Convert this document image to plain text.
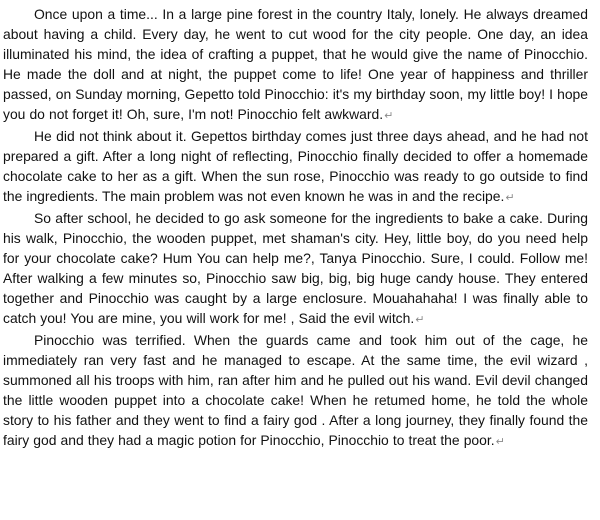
Once upon a time... In a large pine forest in the country Italy, lonely. He always dreamed about having a child. Every day, he went to cut wood for the city people. One day, an idea illuminated his mind, the idea of crafting a puppet, that he would give the name of Pinocchio. He made the doll and at night, the puppet come to life! One year of happiness and thriller passed, on Sunday morning, Gepetto told Pinocchio: it's my birthday soon, my little boy! I hope you do not forget it! Oh, sure, I'm not! Pinocchio felt awkward.↵

He did not think about it. Gepettos birthday comes just three days ahead, and he had not prepared a gift. After a long night of reflecting, Pinocchio finally decided to offer a homemade chocolate cake to her as a gift. When the sun rose, Pinocchio was ready to go outside to find the ingredients. The main problem was not even known he was in and the recipe.↵

So after school, he decided to go ask someone for the ingredients to bake a cake. During his walk, Pinocchio, the wooden puppet, met shaman's city. Hey, little boy, do you need help for your chocolate cake? Hum You can help me?, Tanya Pinocchio. Sure, I could. Follow me! After walking a few minutes so, Pinocchio saw big, big, big huge candy house. They entered together and Pinocchio was caught by a large enclosure. Mouahahaha! I was finally able to catch you! You are mine, you will work for me! , Said the evil witch.↵

Pinocchio was terrified. When the guards came and took him out of the cage, he immediately ran very fast and he managed to escape. At the same time, the evil wizard , summoned all his troops with him, ran after him and he pulled out his wand. Evil devil changed the little wooden puppet into a chocolate cake! When he retumed home, he told the whole story to his father and they went to find a fairy god . After a long journey, they finally found the fairy god and they had a magic potion for Pinocchio, Pinocchio to treat the poor.↵
